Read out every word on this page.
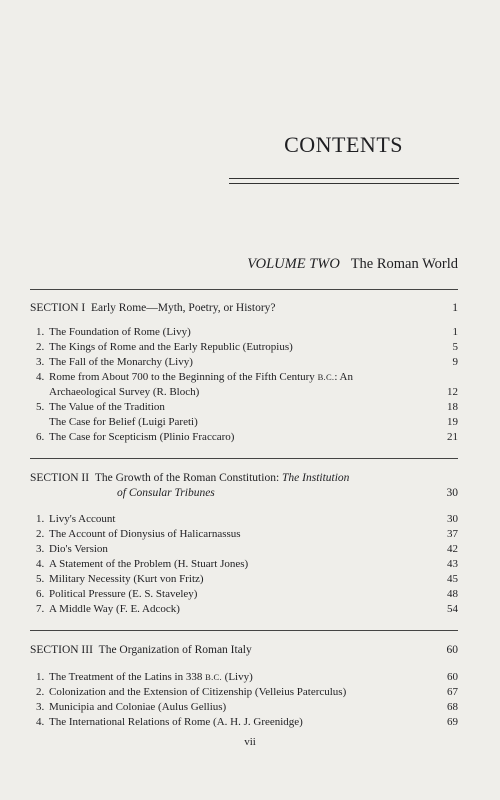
CONTENTS
VOLUME TWO The Roman World
SECTION I Early Rome—Myth, Poetry, or History?	1
1. The Foundation of Rome (Livy)	1
2. The Kings of Rome and the Early Republic (Eutropius)	5
3. The Fall of the Monarchy (Livy)	9
4. Rome from About 700 to the Beginning of the Fifth Century B.C.: An
Archaeological Survey (R. Bloch)	12
5. The Value of the Tradition	18
The Case for Belief (Luigi Pareti)	19
6. The Case for Scepticism (Plinio Fraccaro)	21
SECTION II The Growth of the Roman Constitution: The Institution
of Consular Tribunes	30
1. Livy's Account	30
2. The Account of Dionysius of Halicarnassus	37
3. Dio's Version	42
4. A Statement of the Problem (H. Stuart Jones)	43
5. Military Necessity (Kurt von Fritz)	45
6. Political Pressure (E. S. Staveley)	48
7. A Middle Way (F. E. Adcock)	54
SECTION III The Organization of Roman Italy	60
1. The Treatment of the Latins in 338 B.C. (Livy)	60
2. Colonization and the Extension of Citizenship (Velleius Paterculus)	67
3. Municipia and Coloniae (Aulus Gellius)	68
4. The International Relations of Rome (A. H. J. Greenidge)	69
vii
